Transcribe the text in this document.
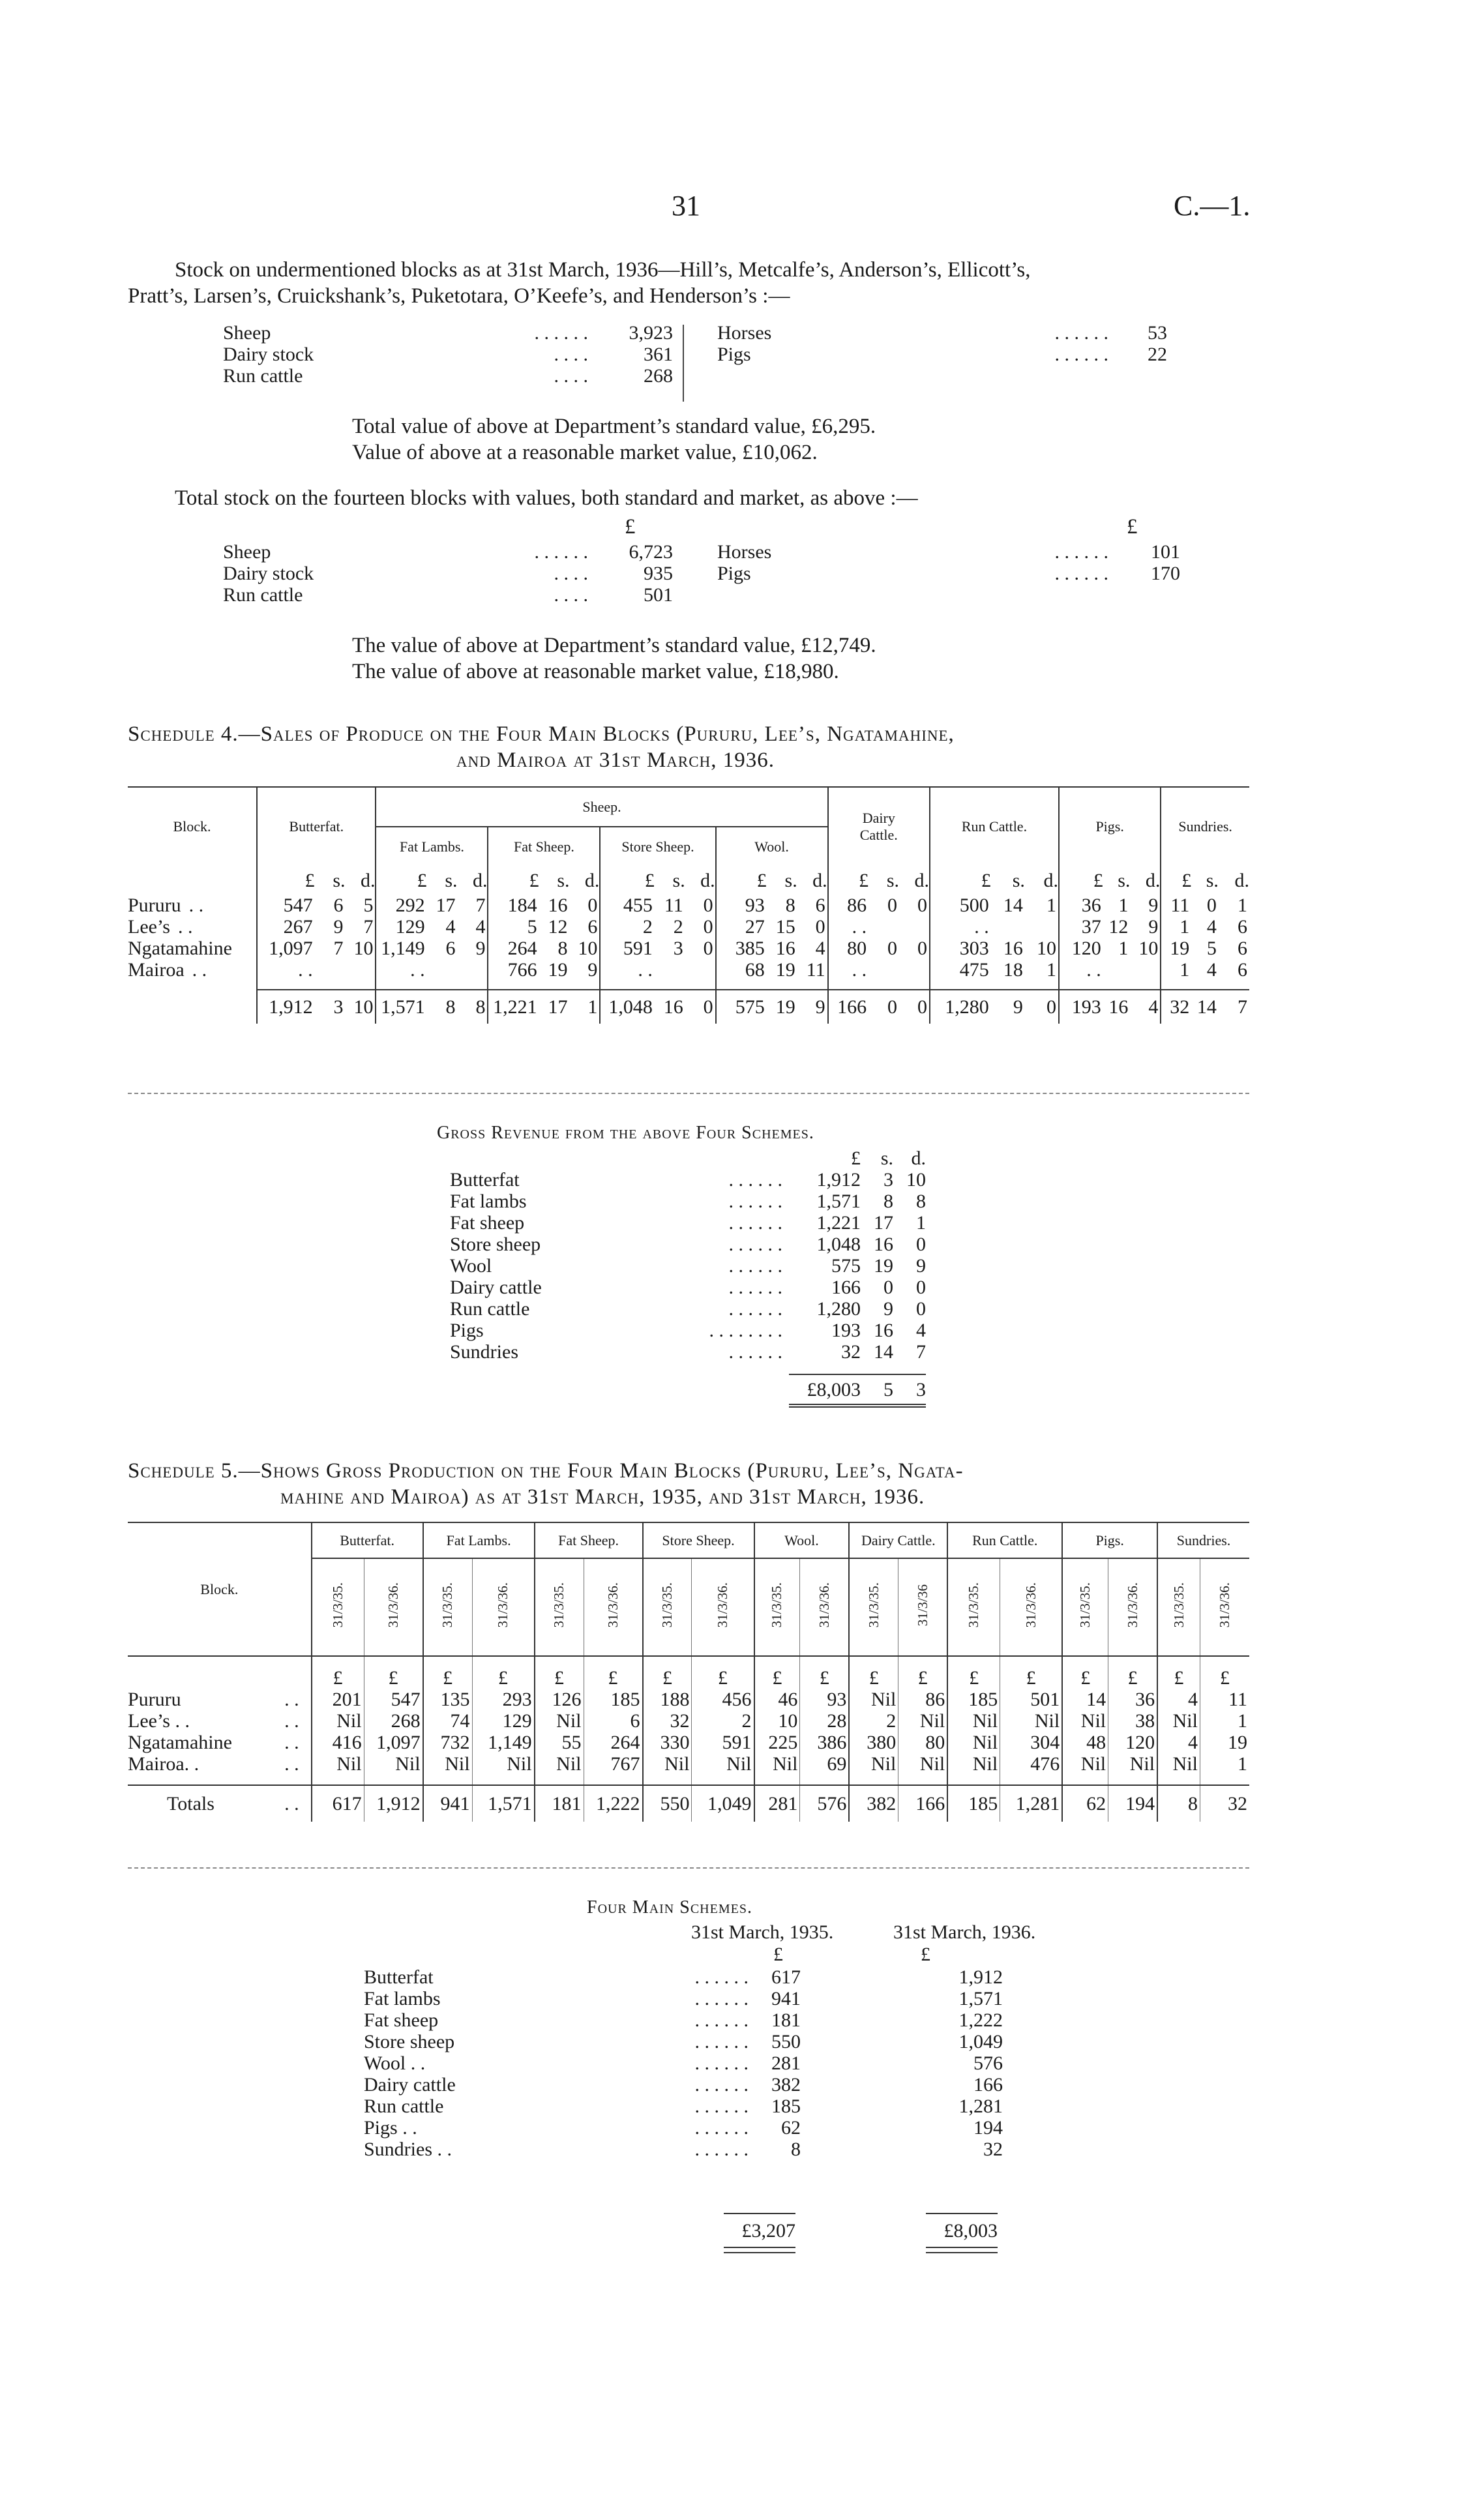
31	C.—1.
Stock on undermentioned blocks as at 31st March, 1936—Hill’s, Metcalfe’s, Anderson’s, Ellicott’s,
Pratt’s, Larsen’s, Cruickshank’s, Puketotara, O’Keefe’s, and Henderson’s :—
Sheep	. . . . . .	3,923
Dairy stock	. . . .	361
Run cattle	. . . .	268
Horses	. . . . . .	53
Pigs	. . . . . .	22
Total value of above at Department’s standard value, £6,295.
Value of above at a reasonable market value, £10,062.
Total stock on the fourteen blocks with values, both standard and market, as above :—
£	£
Sheep	. . . . . .	6,723
Dairy stock	. . . .	935
Run cattle	. . . .	501
Horses	. . . . . .	101
Pigs	. . . . . .	170
The value of above at Department’s standard value, £12,749.
The value of above at reasonable market value, £18,980.
Schedule 4.—Sales of Produce on the Four Main Blocks (Pururu, Lee’s, Ngatamahine,
and Mairoa at 31st March, 1936.
Block.	Butterfat.			Sheep.												Dairy
Cattle.			Run Cattle.			Pigs.			Sundries.		
				Fat Lambs.			Fat Sheep.			Store Sheep.			Wool.														
	£	s.	d.	£	s.	d.	£	s.	d.	£	s.	d.	£	s.	d.	£	s.	d.	£	s.	d.	£	s.	d.	£	s.	d.
Pururu . .	547	6	5	292	17	7	184	16	0	455	11	0	93	8	6	86	0	0	500	14	1	36	1	9	11	0	1
Lee’s . .	267	9	7	129	4	4	5	12	6	2	2	0	27	15	0	. .			. .			37	12	9	1	4	6
Ngatamahine	1,097	7	10	1,149	6	9	264	8	10	591	3	0	385	16	4	80	0	0	303	16	10	120	1	10	19	5	6
Mairoa . .	. .			. .			766	19	9	. .			68	19	11	. .			475	18	1	. .			1	4	6

	1,912	3	10	1,571	8	8	1,221	17	1	1,048	16	0	575	19	9	166	0	0	1,280	9	0	193	16	4	32	14	7
Gross Revenue from the above Four Schemes.
		£	s.	d.
Butterfat	. . . . . .	1,912	3	10
Fat lambs	. . . . . .	1,571	8	8
Fat sheep	. . . . . .	1,221	17	1
Store sheep	. . . . . .	1,048	16	0
Wool	. . . . . .	575	19	9
Dairy cattle	. . . . . .	166	0	0
Run cattle	. . . . . .	1,280	9	0
Pigs	. . . . . . . .	193	16	4
Sundries	. . . . . .	32	14	7

		£8,003	5	3
Schedule 5.—Shows Gross Production on the Four Main Blocks (Pururu, Lee’s, Ngata-
mahine and Mairoa) as at 31st March, 1935, and 31st March, 1936.
Block.	Butterfat.		Fat Lambs.		Fat Sheep.		Store Sheep.		Wool.		Dairy Cattle.		Run Cattle.		Pigs.		Sundries.	
	31/3/35.	31/3/36.	31/3/35.	31/3/36.	31/3/35.	31/3/36.	31/3/35.	31/3/36.	31/3/35.	31/3/36.	31/3/35.	31/3/36	31/3/35.	31/3/36.	31/3/35.	31/3/36.	31/3/35.	31/3/36.
	£	£	£	£	£	£	£	£	£	£	£	£	£	£	£	£	£	£
Pururu . .	201	547	135	293	126	185	188	456	46	93	Nil	86	185	501	14	36	4	11
Lee’s . . . .	Nil	268	74	129	Nil	6	32	2	10	28	2	Nil	Nil	Nil	Nil	38	Nil	1
Ngatamahine . .	416	1,097	732	1,149	55	264	330	591	225	386	380	80	Nil	304	48	120	4	19
Mairoa. . . .	Nil	Nil	Nil	Nil	Nil	767	Nil	Nil	Nil	69	Nil	Nil	Nil	476	Nil	Nil	Nil	1

Totals . .	617	1,912	941	1,571	181	1,222	550	1,049	281	576	382	166	185	1,281	62	194	8	32
Four Main Schemes.
31st March, 1935.	31st March, 1936.
£	£
Butterfat	. . . . . .	617		1,912
Fat lambs	. . . . . .	941		1,571
Fat sheep	. . . . . .	181		1,222
Store sheep	. . . . . .	550		1,049
Wool . .	. . . . . .	281		576
Dairy cattle	. . . . . .	382		166
Run cattle	. . . . . .	185		1,281
Pigs . .	. . . . . .	62		194
Sundries . .	. . . . . .	8		32
£3,207	£8,003
